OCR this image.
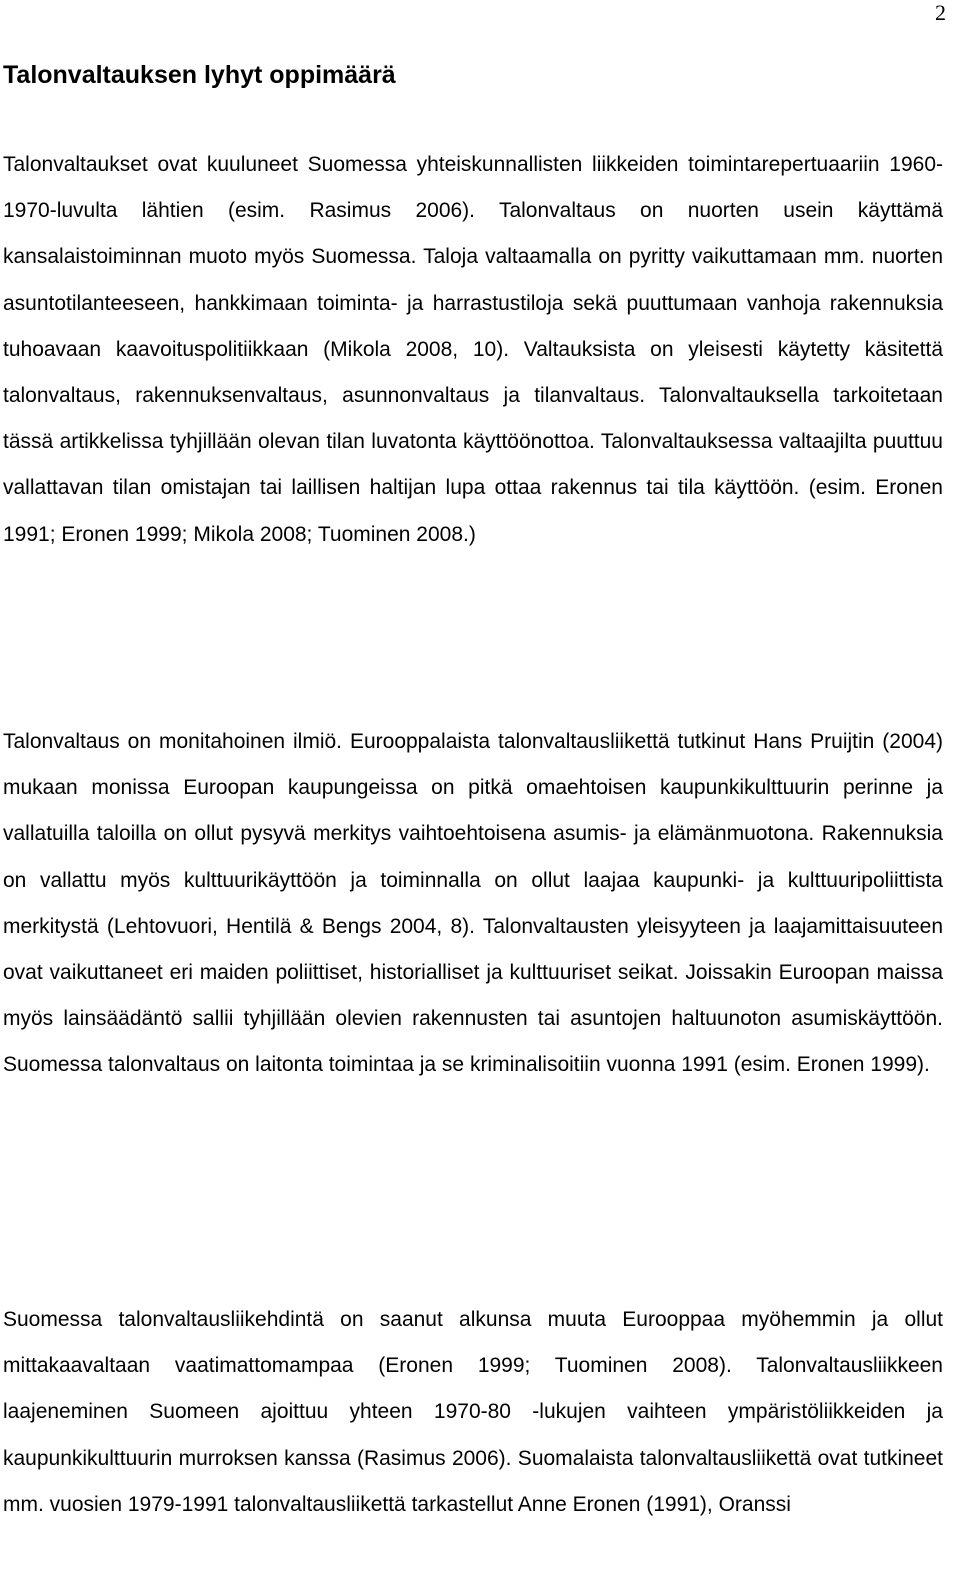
2
Talonvaltauksen lyhyt oppimäärä

Talonvaltaukset ovat kuuluneet Suomessa yhteiskunnallisten liikkeiden toimintarepertuaariin 1960-1970-luvulta lähtien (esim. Rasimus 2006). Talonvaltaus on nuorten usein käyttämä kansalaistoiminnan muoto myös Suomessa. Taloja valtaamalla on pyritty vaikuttamaan mm. nuorten asuntotilanteeseen, hankkimaan toiminta- ja harrastustiloja sekä puuttumaan vanhoja rakennuksia tuhoavaan kaavoituspolitiikkaan (Mikola 2008, 10). Valtauksista on yleisesti käytetty käsitettä talonvaltaus, rakennuksenvaltaus, asunnonvaltaus ja tilanvaltaus. Talonvaltauksella tarkoitetaan tässä artikkelissa tyhjillään olevan tilan luvatonta käyttöönottoa. Talonvaltauksessa valtaajilta puuttuu vallattavan tilan omistajan tai laillisen haltijan lupa ottaa rakennus tai tila käyttöön. (esim. Eronen 1991; Eronen 1999; Mikola 2008; Tuominen 2008.)

Talonvaltaus on monitahoinen ilmiö. Eurooppalaista talonvaltausliikettä tutkinut Hans Pruijtin (2004) mukaan monissa Euroopan kaupungeissa on pitkä omaehtoisen kaupunkikulttuurin perinne ja vallatuilla taloilla on ollut pysyvä merkitys vaihtoehtoisena asumis- ja elämänmuotona. Rakennuksia on vallattu myös kulttuurikäyttöön ja toiminnalla on ollut laajaa kaupunki- ja kulttuuripoliittista merkitystä (Lehtovuori, Hentilä & Bengs 2004, 8). Talonvaltausten yleisyyteen ja laajamittaisuuteen ovat vaikuttaneet eri maiden poliittiset, historialliset ja kulttuuriset seikat. Joissakin Euroopan maissa myös lainsäädäntö sallii tyhjillään olevien rakennusten tai asuntojen haltuunoton asumiskäyttöön. Suomessa talonvaltaus on laitonta toimintaa ja se kriminalisoitiin vuonna 1991 (esim. Eronen 1999).

Suomessa talonvaltausliikehdintä on saanut alkunsa muuta Eurooppaa myöhemmin ja ollut mittakaavaltaan vaatimattomampaa (Eronen 1999; Tuominen 2008). Talonvaltausliikkeen laajeneminen Suomeen ajoittuu yhteen 1970-80 -lukujen vaihteen ympäristöliikkeiden ja kaupunkikulttuurin murroksen kanssa (Rasimus 2006). Suomalaista talonvaltausliikettä ovat tutkineet mm. vuosien 1979-1991 talonvaltausliikettä tarkastellut Anne Eronen (1991), Oranssi
